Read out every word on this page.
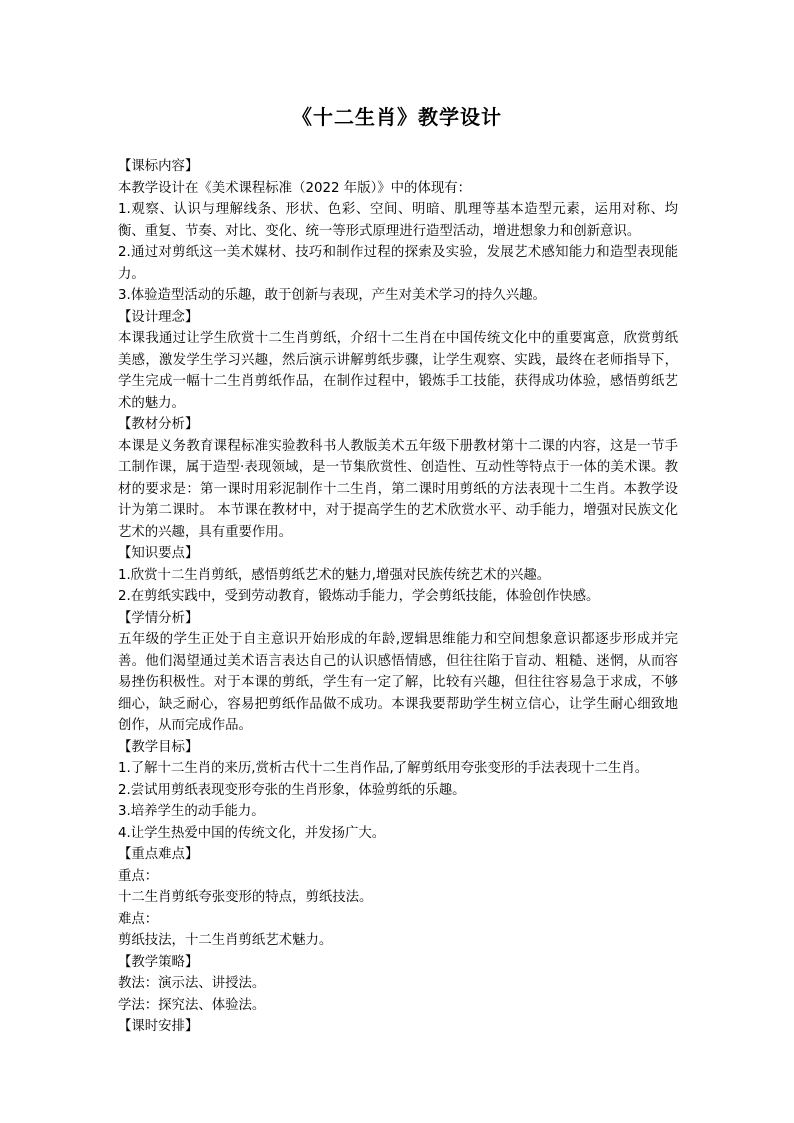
《十二生肖》教学设计

【课标内容】

本教学设计在《美术课程标准（2022 年版）》中的体现有：

1.观察、认识与理解线条、形状、色彩、空间、明暗、肌理等基本造型元素，运用对称、均衡、重复、节奏、对比、变化、统一等形式原理进行造型活动，增进想象力和创新意识。

2.通过对剪纸这一美术媒材、技巧和制作过程的探索及实验，发展艺术感知能力和造型表现能力。

3.体验造型活动的乐趣，敢于创新与表现，产生对美术学习的持久兴趣。

【设计理念】

本课我通过让学生欣赏十二生肖剪纸，介绍十二生肖在中国传统文化中的重要寓意，欣赏剪纸美感，激发学生学习兴趣，然后演示讲解剪纸步骤，让学生观察、实践，最终在老师指导下，学生完成一幅十二生肖剪纸作品，在制作过程中，锻炼手工技能，获得成功体验，感悟剪纸艺术的魅力。

【教材分析】

本课是义务教育课程标准实验教科书人教版美术五年级下册教材第十二课的内容，这是一节手工制作课，属于造型·表现领域，是一节集欣赏性、创造性、互动性等特点于一体的美术课。教材的要求是：第一课时用彩泥制作十二生肖，第二课时用剪纸的方法表现十二生肖。本教学设计为第二课时。 本节课在教材中，对于提高学生的艺术欣赏水平、动手能力，增强对民族文化艺术的兴趣，具有重要作用。

【知识要点】

1.欣赏十二生肖剪纸，感悟剪纸艺术的魅力,增强对民族传统艺术的兴趣。

2.在剪纸实践中，受到劳动教育，锻炼动手能力，学会剪纸技能，体验创作快感。

【学情分析】

五年级的学生正处于自主意识开始形成的年龄,逻辑思维能力和空间想象意识都逐步形成并完善。他们渴望通过美术语言表达自己的认识感悟情感，但往往陷于盲动、粗糙、迷惘，从而容易挫伤积极性。对于本课的剪纸，学生有一定了解，比较有兴趣，但往往容易急于求成，不够细心，缺乏耐心，容易把剪纸作品做不成功。本课我要帮助学生树立信心，让学生耐心细致地创作，从而完成作品。

【教学目标】

1.了解十二生肖的来历,赏析古代十二生肖作品,了解剪纸用夸张变形的手法表现十二生肖。

2.尝试用剪纸表现变形夸张的生肖形象，体验剪纸的乐趣。

3.培养学生的动手能力。

4.让学生热爱中国的传统文化，并发扬广大。

【重点难点】

重点：

十二生肖剪纸夸张变形的特点，剪纸技法。

难点：

剪纸技法，十二生肖剪纸艺术魅力。

【教学策略】

教法：演示法、讲授法。

学法：探究法、体验法。

【课时安排】
